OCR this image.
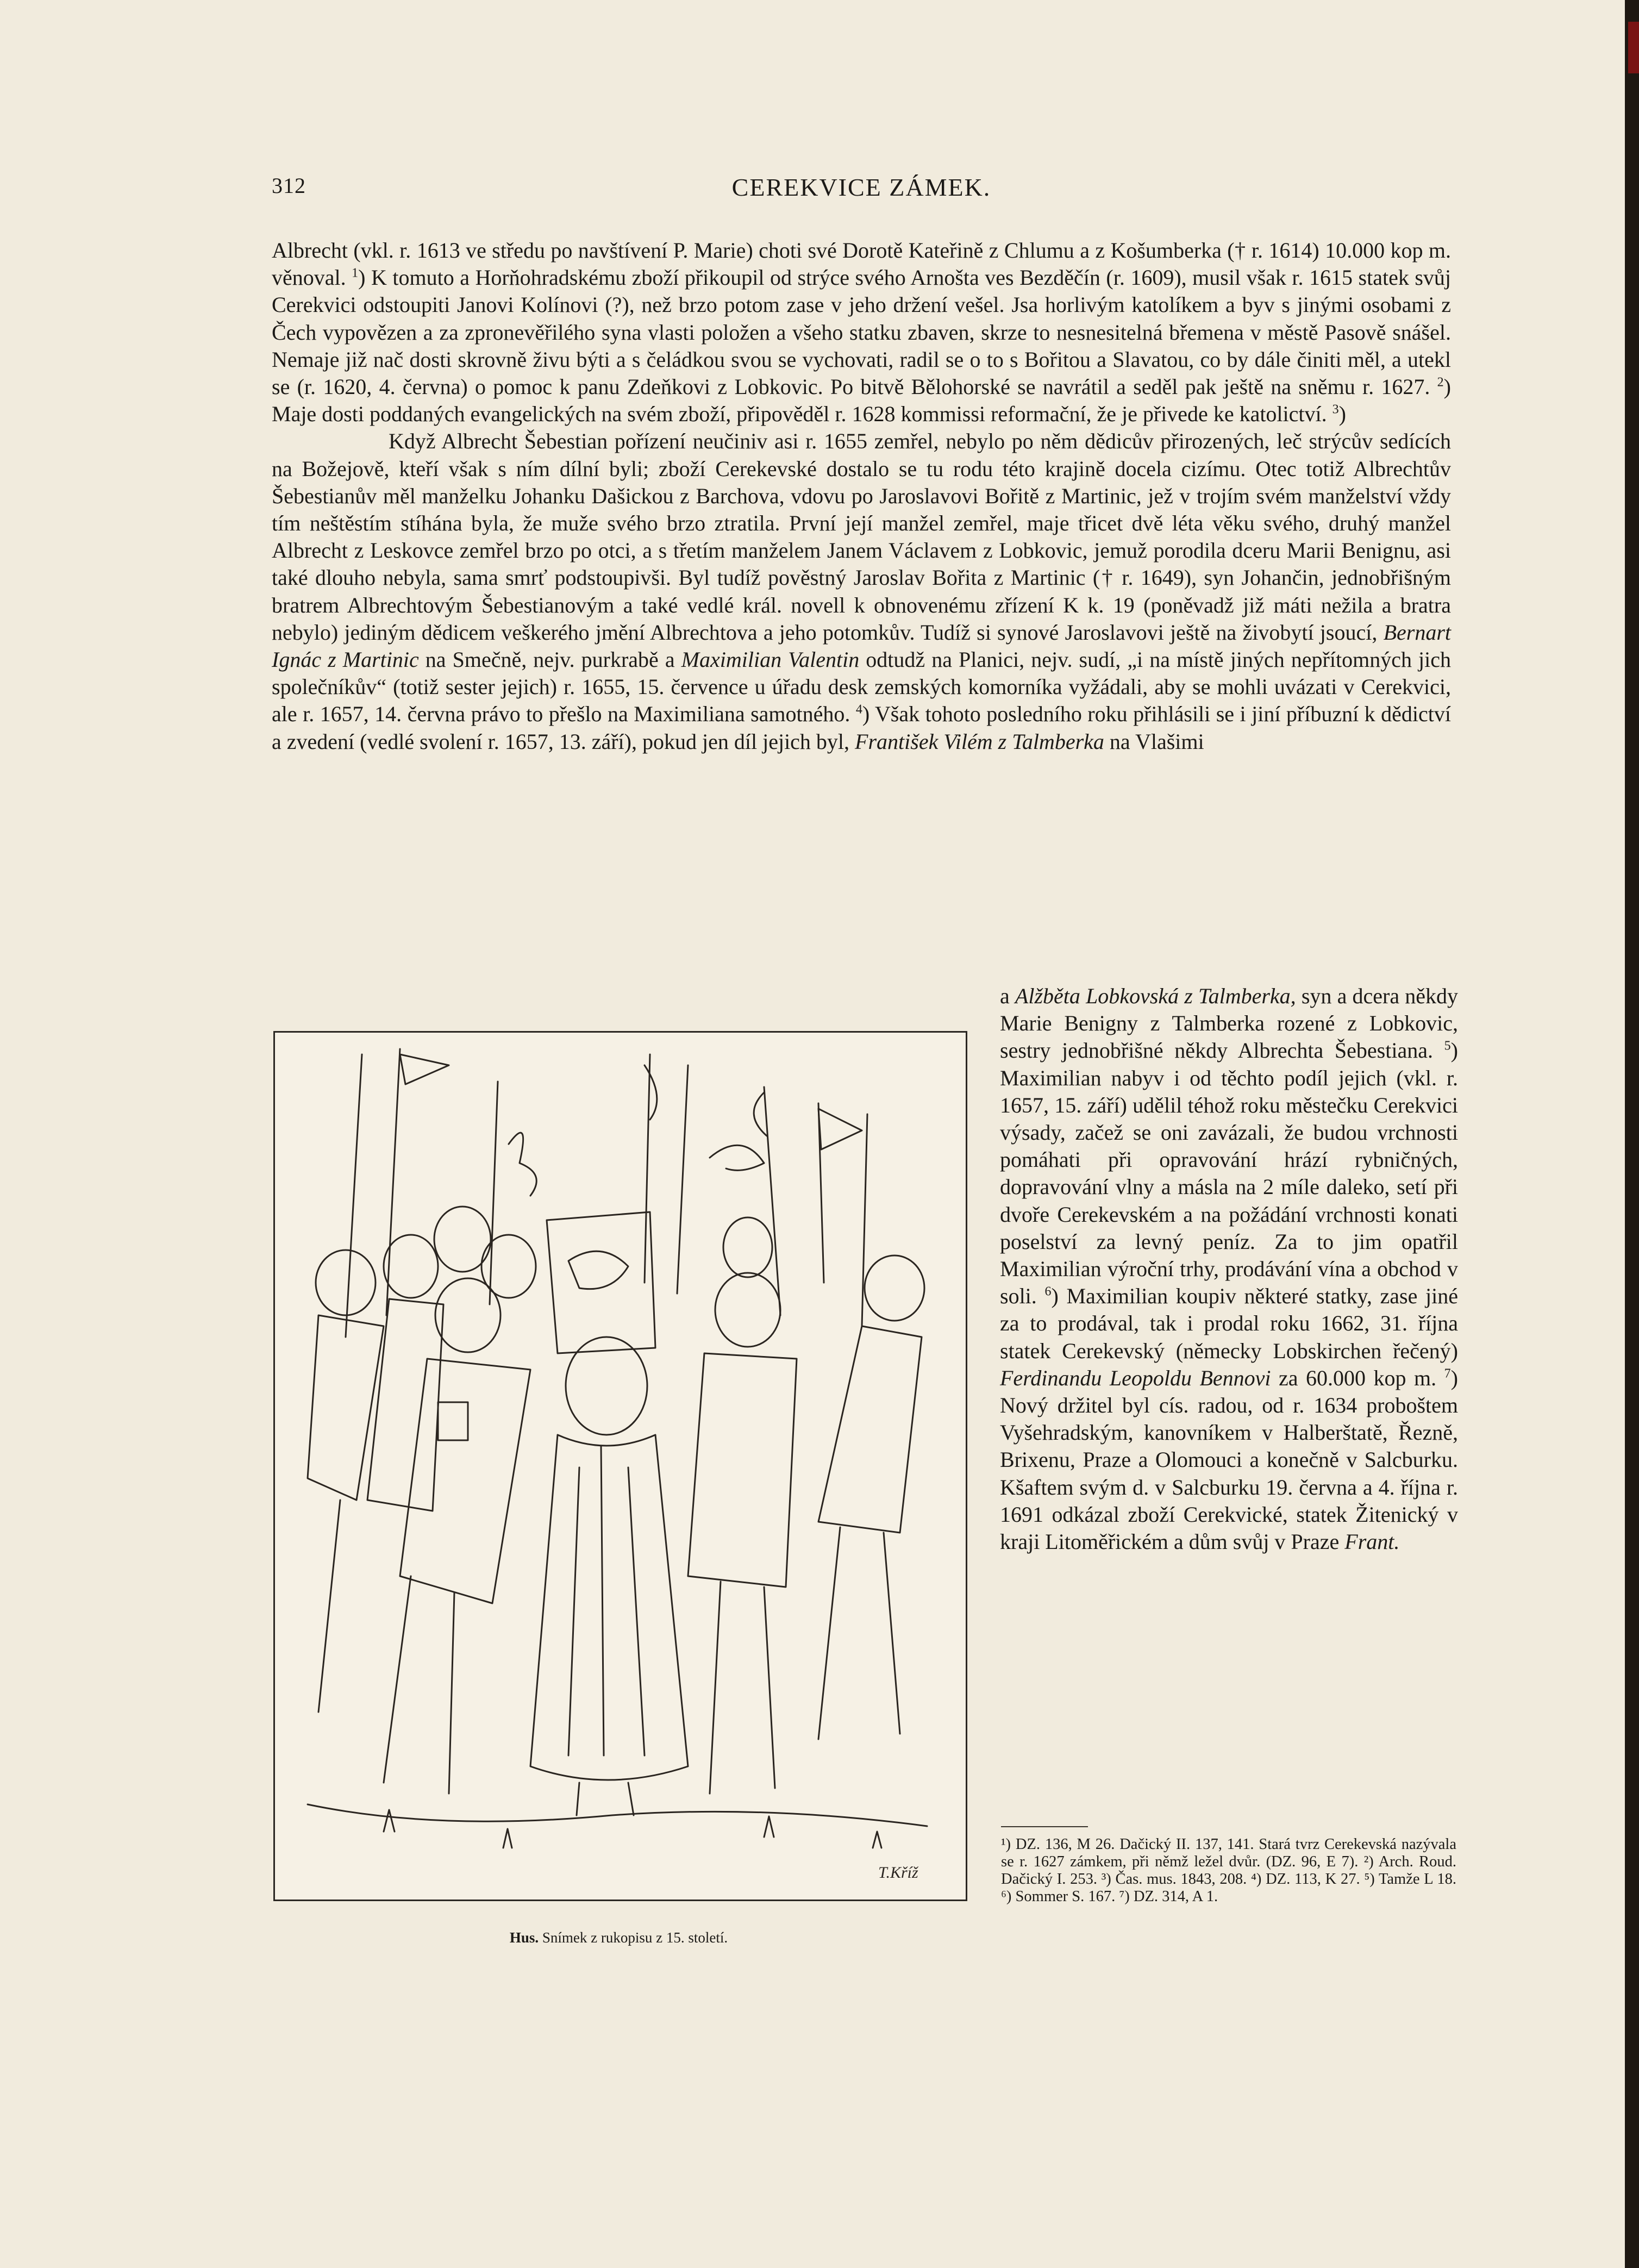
312	CEREKVICE ZÁMEK.

Albrecht (vkl. r. 1613 ve středu po navštívení P. Marie) choti své Dorotě Kateřině z Chlumu a z Košumberka († r. 1614) 10.000 kop m. věnoval. $^1$) K tomuto a Horňohradskému zboží přikoupil od strýce svého Arnošta ves Bezděčín (r. 1609), musil však r. 1615 statek svůj Cerekvici odstoupiti Janovi Kolínovi (?), než brzo potom zase v jeho držení vešel. Jsa horlivým katolíkem a byv s jinými osobami z Čech vypovězen a za zpronevěřilého syna vlasti položen a všeho statku zbaven, skrze to nesnesitelná břemena v městě Pasově snášel. Nemaje již nač dosti skrovně živu býti a s čeládkou svou se vychovati, radil se o to s Bořitou a Slavatou, co by dále činiti měl, a utekl se (r. 1620, 4. června) o pomoc k panu Zdeňkovi z Lobkovic. Po bitvě Bělohorské se navrátil a seděl pak ještě na sněmu r. 1627. $^2$) Maje dosti poddaných evangelických na svém zboží, připověděl r. 1628 kommissi reformační, že je přivede ke katolictví. $^3$)

Když Albrecht Šebestian pořízení neučiniv asi r. 1655 zemřel, nebylo po něm dědicův přirozených, leč strýcův sedících na Božejově, kteří však s ním dílní byli; zboží Cerekevské dostalo se tu rodu této krajině docela cizímu. Otec totiž Albrechtův Šebestianův měl manželku Johanku Dašickou z Barchova, vdovu po Jaroslavovi Bořitě z Martinic, jež v trojím svém manželství vždy tím neštěstím stíhána byla, že muže svého brzo ztratila. První její manžel zemřel, maje třicet dvě léta věku svého, druhý manžel Albrecht z Leskovce zemřel brzo po otci, a s třetím manželem Janem Václavem z Lobkovic, jemuž porodila dceru Marii Benignu, asi také dlouho nebyla, sama smrť podstoupivši. Byl tudíž pověstný Jaroslav Bořita z Martinic († r. 1649), syn Johančin, jednobřišným bratrem Albrechtovým Šebestianovým a také vedlé král. novell k obnovenému zřízení K k. 19 (poněvadž již máti nežila a bratra nebylo) jediným dědicem veškerého jmění Albrechtova a jeho potomkův. Tudíž si synové Jaroslavovi ještě na živobytí jsoucí, Bernart Ignác z Martinic na Smečně, nejv. purkrabě a Maximilian Valentin odtudž na Planici, nejv. sudí, „i na místě jiných nepřítomných jich společníkův“ (totiž sester jejich) r. 1655, 15. července u úřadu desk zemských komorníka vyžádali, aby se mohli uvázati v Cerekvici, ale r. 1657, 14. června právo to přešlo na Maximiliana samotného. $^4$) Však tohoto posledního roku přihlásili se i jiní příbuzní k dědictví a zvedení (vedlé svolení r. 1657, 13. září), pokud jen díl jejich byl, František Vilém z Talmberka na Vlašimi

T.Kříž
Hus. Snímek z rukopisu z 15. století.

a Alžběta Lobkovská z Talmberka, syn a dcera někdy Marie Benigny z Talmberka rozené z Lobkovic, sestry jednobřišné někdy Albrechta Šebestiana. $^5$) Maximilian nabyv i od těchto podíl jejich (vkl. r. 1657, 15. září) udělil téhož roku městečku Cerekvici výsady, začež se oni zavázali, že budou vrchnosti pomáhati při opravování hrází rybničných, dopravování vlny a másla na 2 míle daleko, setí při dvoře Cerekevském a na požádání vrchnosti konati poselství za levný peníz. Za to jim opatřil Maximilian výroční trhy, prodávání vína a obchod v soli. $^6$) Maximilian koupiv některé statky, zase jiné za to prodával, tak i prodal roku 1662, 31. října statek Cerekevský (německy Lobskirchen řečený) Ferdinandu Leopoldu Bennovi za 60.000 kop m. $^7$) Nový držitel byl cís. radou, od r. 1634 proboštem Vyšehradským, kanovníkem v Halberštatě, Řezně, Brixenu, Praze a Olomouci a konečně v Salcburku. Kšaftem svým d. v Salcburku 19. června a 4. října r. 1691 odkázal zboží Cerekvické, statek Žitenický v kraji Litoměřickém a dům svůj v Praze Frant.

¹) DZ. 136, M 26. Dačický II. 137, 141. Stará tvrz Cerekevská nazývala se r. 1627 zámkem, při němž ležel dvůr. (DZ. 96, E 7). ²) Arch. Roud. Dačický I. 253. ³) Čas. mus. 1843, 208. ⁴) DZ. 113, K 27. ⁵) Tamže L 18. ⁶) Sommer S. 167. ⁷) DZ. 314, A 1.
